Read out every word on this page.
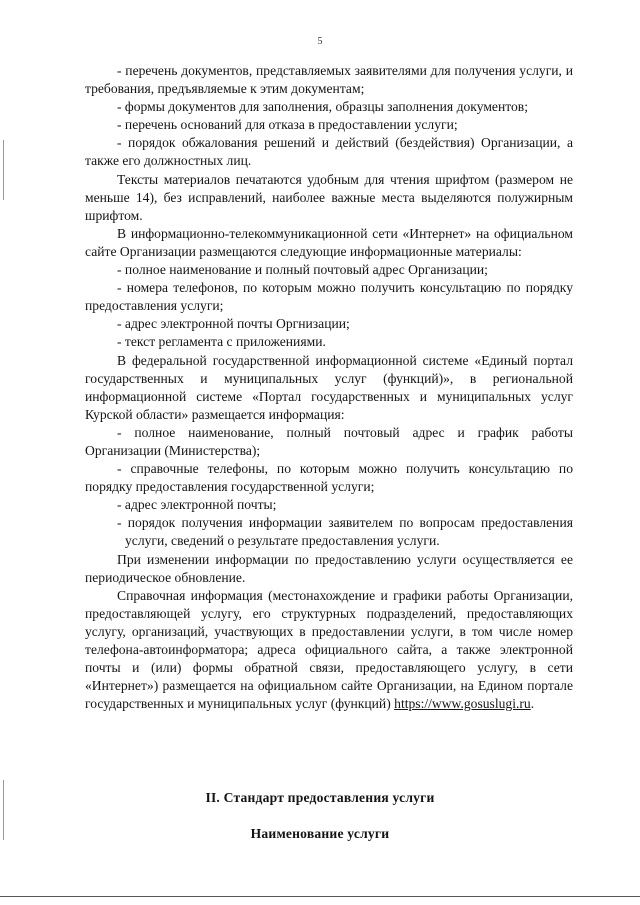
5

- перечень документов, представляемых заявителями для получения услуги, и требования, предъявляемые к этим документам;

- формы документов для заполнения, образцы заполнения документов;

- перечень оснований для отказа в предоставлении услуги;

- порядок обжалования решений и действий (бездействия) Организации, а также его должностных лиц.

Тексты материалов печатаются удобным для чтения шрифтом (размером не меньше 14), без исправлений, наиболее важные места выделяются полужирным шрифтом.

В информационно-телекоммуникационной сети «Интернет» на официальном сайте Организации размещаются следующие информационные материалы:

- полное наименование и полный почтовый адрес Организации;

- номера телефонов, по которым можно получить консультацию по порядку предоставления услуги;

- адрес электронной почты Оргнизации;

- текст регламента с приложениями.

В федеральной государственной информационной системе «Единый портал государственных и муниципальных услуг (функций)», в региональной информационной системе «Портал государственных и муниципальных услуг Курской области» размещается информация:

- полное наименование, полный почтовый адрес и график работы Организации (Министерства);

- справочные телефоны, по которым можно получить консультацию по порядку предоставления государственной услуги;

- адрес электронной почты;

- порядок получения информации заявителем по вопросам предоставления

услуги, сведений о результате предоставления услуги.

При изменении информации по предоставлению услуги осуществляется ее периодическое обновление.

Справочная информация (местонахождение и графики работы Организации, предоставляющей услугу, его структурных подразделений, предоставляющих услугу, организаций, участвующих в предоставлении услуги, в том числе номер телефона-автоинформатора; адреса официального сайта, а также электронной почты и (или) формы обратной связи, предоставляющего услугу, в сети «Интернет») размещается на официальном сайте Организации, на Едином портале государственных и муниципальных услуг (функций) https://www.gosuslugi.ru.

II. Стандарт предоставления услуги
Наименование услуги
